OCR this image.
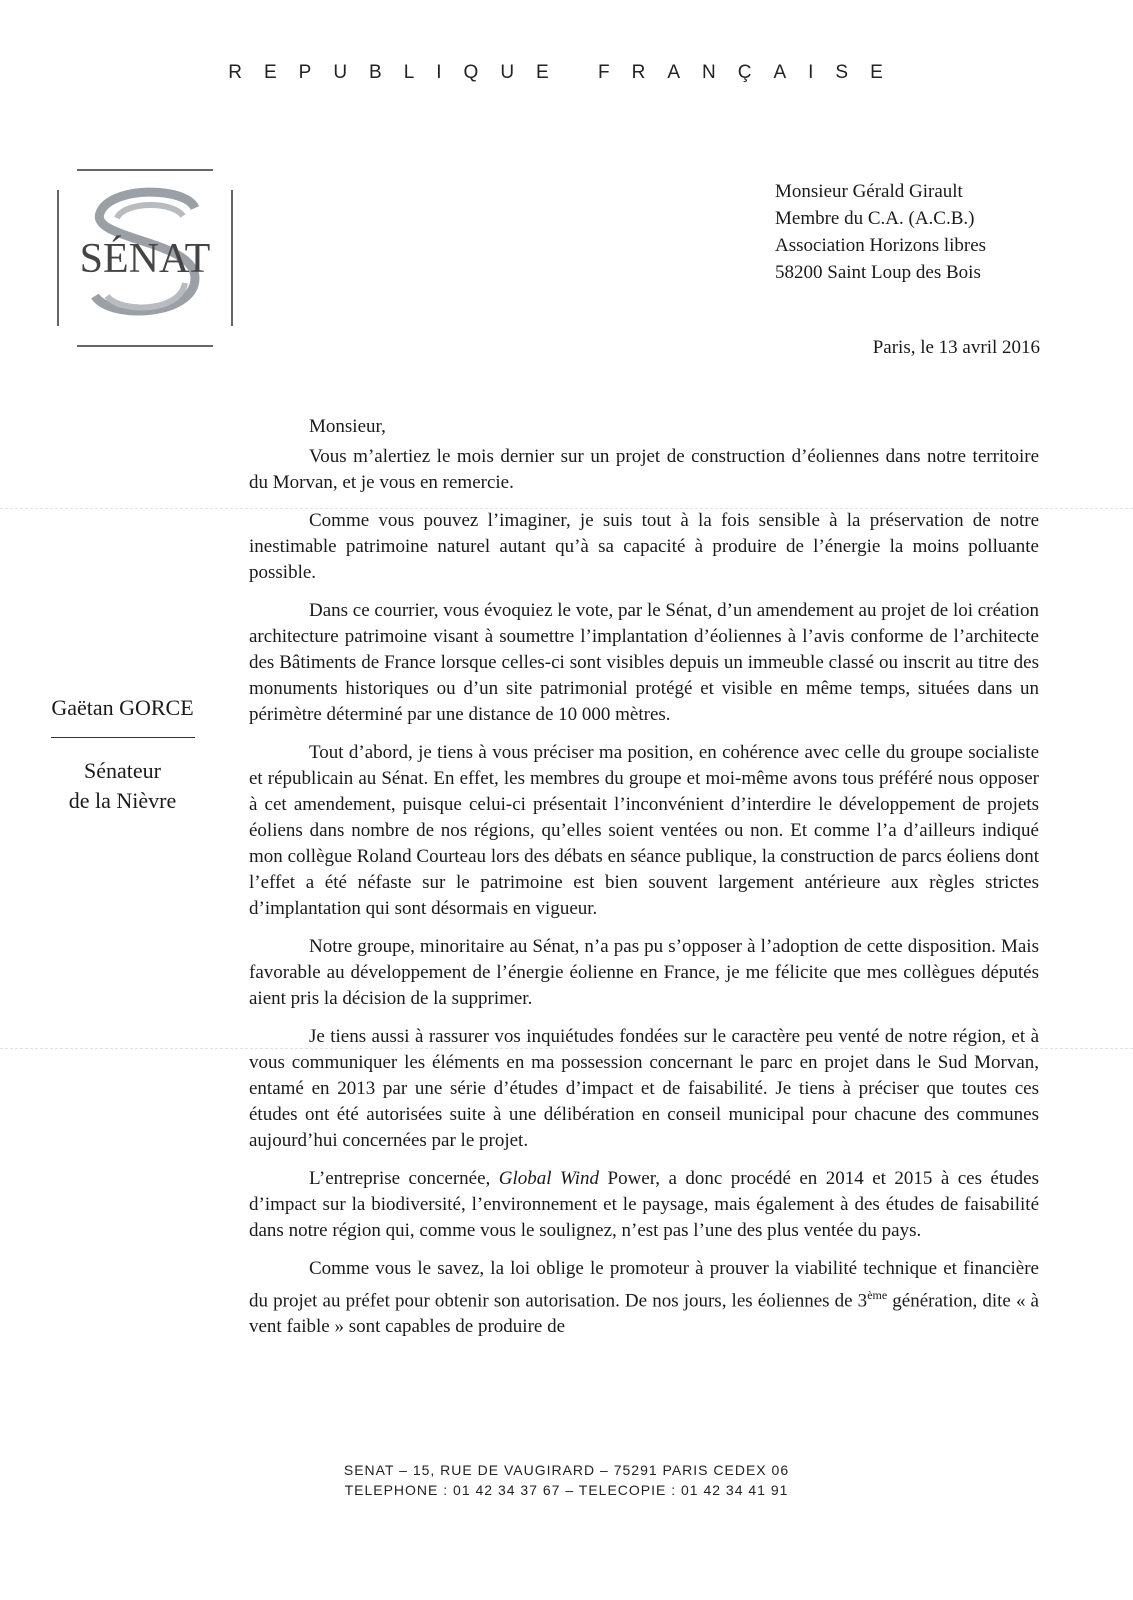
REPUBLIQUE FRANÇAISE
SÉNAT
Monsieur Gérald Girault
Membre du C.A. (A.C.B.)
Association Horizons libres
58200 Saint Loup des Bois
Paris, le 13 avril 2016
Gaëtan GORCE
Sénateur
de la Nièvre

Monsieur,

Vous m’alertiez le mois dernier sur un projet de construction d’éoliennes dans notre territoire du Morvan, et je vous en remercie.

Comme vous pouvez l’imaginer, je suis tout à la fois sensible à la préservation de notre inestimable patrimoine naturel autant qu’à sa capacité à produire de l’énergie la moins polluante possible.

Dans ce courrier, vous évoquiez le vote, par le Sénat, d’un amendement au projet de loi création architecture patrimoine visant à soumettre l’implantation d’éoliennes à l’avis conforme de l’architecte des Bâtiments de France lorsque celles-ci sont visibles depuis un immeuble classé ou inscrit au titre des monuments historiques ou d’un site patrimonial protégé et visible en même temps, situées dans un périmètre déterminé par une distance de 10 000 mètres.

Tout d’abord, je tiens à vous préciser ma position, en cohérence avec celle du groupe socialiste et républicain au Sénat. En effet, les membres du groupe et moi-même avons tous préféré nous opposer à cet amendement, puisque celui-ci présentait l’inconvénient d’interdire le développement de projets éoliens dans nombre de nos régions, qu’elles soient ventées ou non. Et comme l’a d’ailleurs indiqué mon collègue Roland Courteau lors des débats en séance publique, la construction de parcs éoliens dont l’effet a été néfaste sur le patrimoine est bien souvent largement antérieure aux règles strictes d’implantation qui sont désormais en vigueur.

Notre groupe, minoritaire au Sénat, n’a pas pu s’opposer à l’adoption de cette disposition. Mais favorable au développement de l’énergie éolienne en France, je me félicite que mes collègues députés aient pris la décision de la supprimer.

Je tiens aussi à rassurer vos inquiétudes fondées sur le caractère peu venté de notre région, et à vous communiquer les éléments en ma possession concernant le parc en projet dans le Sud Morvan, entamé en 2013 par une série d’études d’impact et de faisabilité. Je tiens à préciser que toutes ces études ont été autorisées suite à une délibération en conseil municipal pour chacune des communes aujourd’hui concernées par le projet.

L’entreprise concernée, Global Wind Power, a donc procédé en 2014 et 2015 à ces études d’impact sur la biodiversité, l’environnement et le paysage, mais également à des études de faisabilité dans notre région qui, comme vous le soulignez, n’est pas l’une des plus ventée du pays.

Comme vous le savez, la loi oblige le promoteur à prouver la viabilité technique et financière du projet au préfet pour obtenir son autorisation. De nos jours, les éoliennes de 3ème génération, dite « à vent faible » sont capables de produire de

SENAT – 15, RUE DE VAUGIRARD – 75291 PARIS CEDEX 06
TELEPHONE : 01 42 34 37 67 – TELECOPIE : 01 42 34 41 91
